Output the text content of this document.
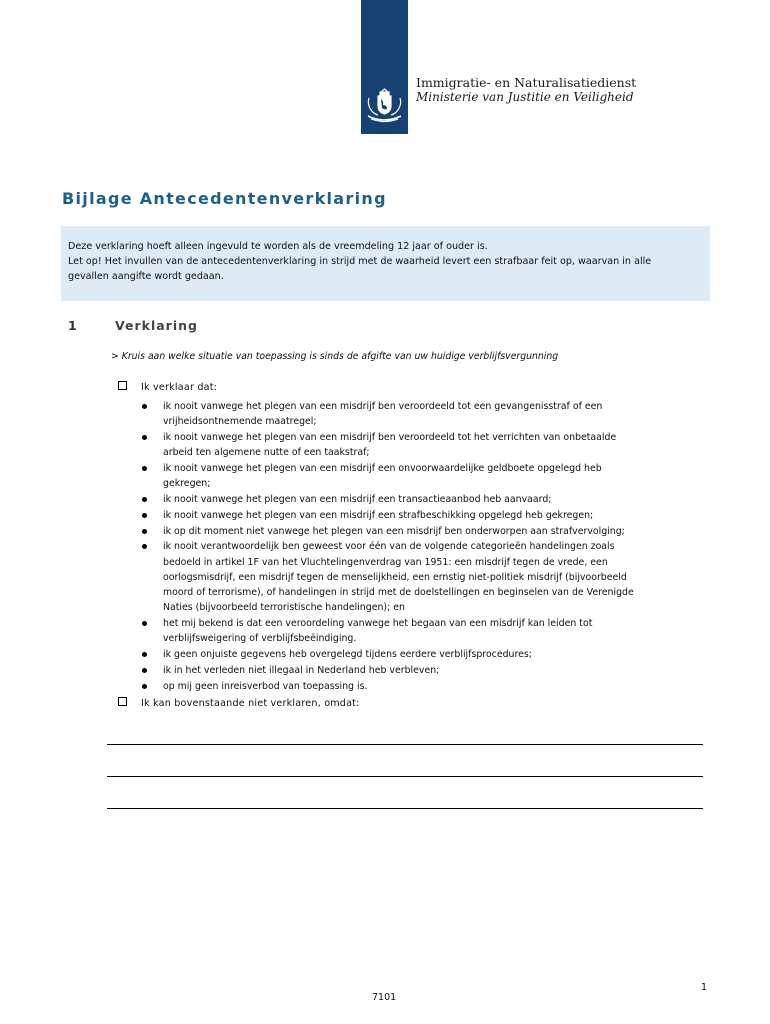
Immigratie- en Naturalisatiedienst
Ministerie van Justitie en Veiligheid
Bijlage Antecedentenverklaring

Deze verklaring hoeft alleen ingevuld te worden als de vreemdeling 12 jaar of ouder is.

Let op! Het invullen van de antecedentenverklaring in strijd met de waarheid levert een strafbaar feit op, waarvan in alle

gevallen aangifte wordt gedaan.

1	Verklaring
> Kruis aan welke situatie van toepassing is sinds de afgifte van uw huidige verblijfsvergunning
Ik verklaar dat:
ik nooit vanwege het plegen van een misdrijf ben veroordeeld tot een gevangenisstraf of een
vrijheidsontnemende maatregel;
ik nooit vanwege het plegen van een misdrijf ben veroordeeld tot het verrichten van onbetaalde
arbeid ten algemene nutte of een taakstraf;
ik nooit vanwege het plegen van een misdrijf een onvoorwaardelijke geldboete opgelegd heb
gekregen;
ik nooit vanwege het plegen van een misdrijf een transactieaanbod heb aanvaard;
ik nooit vanwege het plegen van een misdrijf een strafbeschikking opgelegd heb gekregen;
ik op dit moment niet vanwege het plegen van een misdrijf ben onderworpen aan strafvervolging;
ik nooit verantwoordelijk ben geweest voor één van de volgende categorieën handelingen zoals
bedoeld in artikel 1F van het Vluchtelingenverdrag van 1951: een misdrijf tegen de vrede, een
oorlogsmisdrijf, een misdrijf tegen de menselijkheid, een ernstig niet-politiek misdrijf (bijvoorbeeld
moord of terrorisme), of handelingen in strijd met de doelstellingen en beginselen van de Verenigde
Naties (bijvoorbeeld terroristische handelingen); en
het mij bekend is dat een veroordeling vanwege het begaan van een misdrijf kan leiden tot
verblijfsweigering of verblijfsbeëindiging.
ik geen onjuiste gegevens heb overgelegd tijdens eerdere verblijfsprocedures;
ik in het verleden niet illegaal in Nederland heb verbleven;
op mij geen inreisverbod van toepassing is.
Ik kan bovenstaande niet verklaren, omdat:
1
7101
